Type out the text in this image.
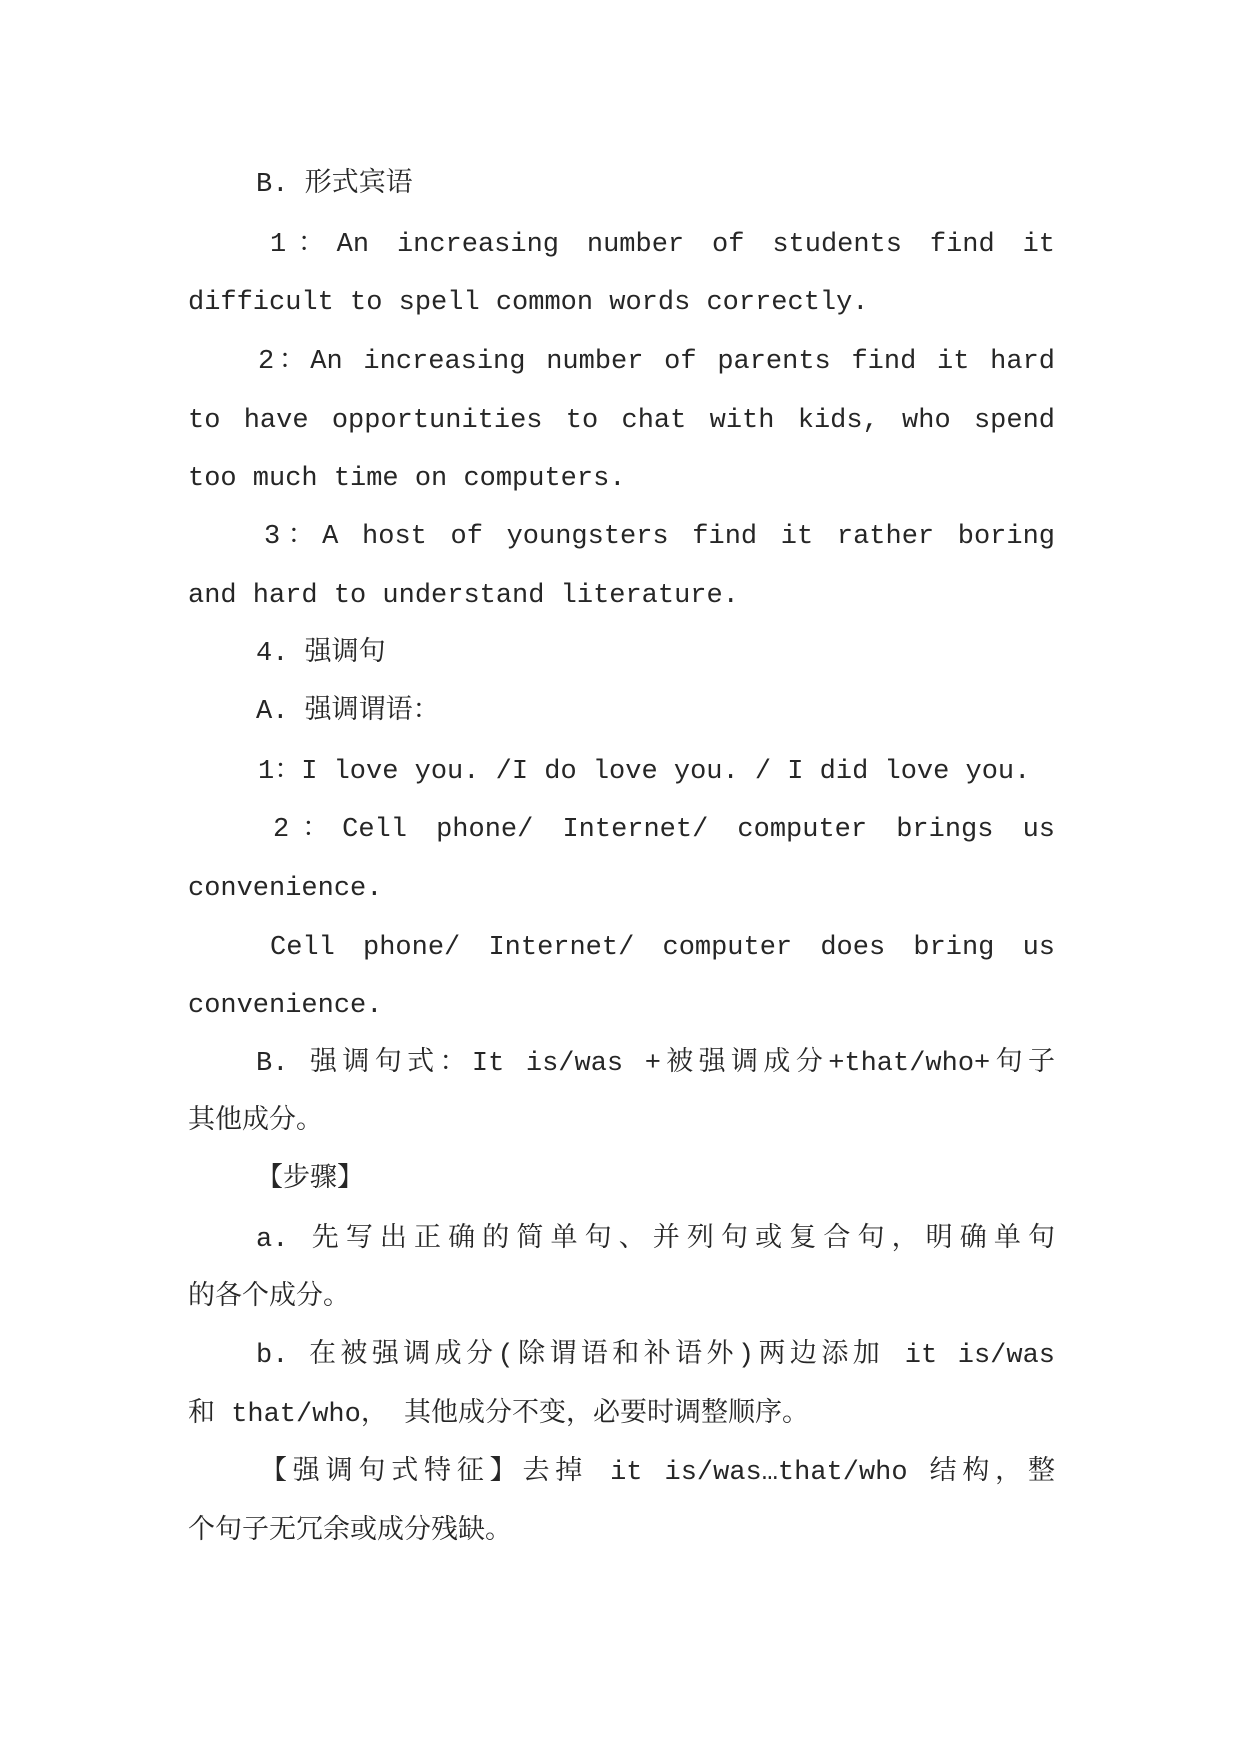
B. 形式宾语
1：An increasing number of students find it
difficult to spell common words correctly.
2：An increasing number of parents find it hard
to have opportunities to chat with kids, who spend
too much time on computers.
3：A host of youngsters find it rather boring
and hard to understand literature.
4. 强调句
A. 强调谓语：
1：I love you. /I do love you. / I did love you.
2：Cell phone/ Internet/ computer brings us
convenience.
Cell phone/ Internet/ computer does bring us
convenience.
B. 强调句式：It is/was +被强调成分+that/who+句子
其他成分。
【步骤】
a. 先写出正确的简单句、并列句或复合句，明确单句
的各个成分。
b. 在被强调成分(除谓语和补语外)两边添加 it is/was
和 that/who， 其他成分不变，必要时调整顺序。
【强调句式特征】去掉 it is/was…that/who 结构，整
个句子无冗余或成分残缺。
